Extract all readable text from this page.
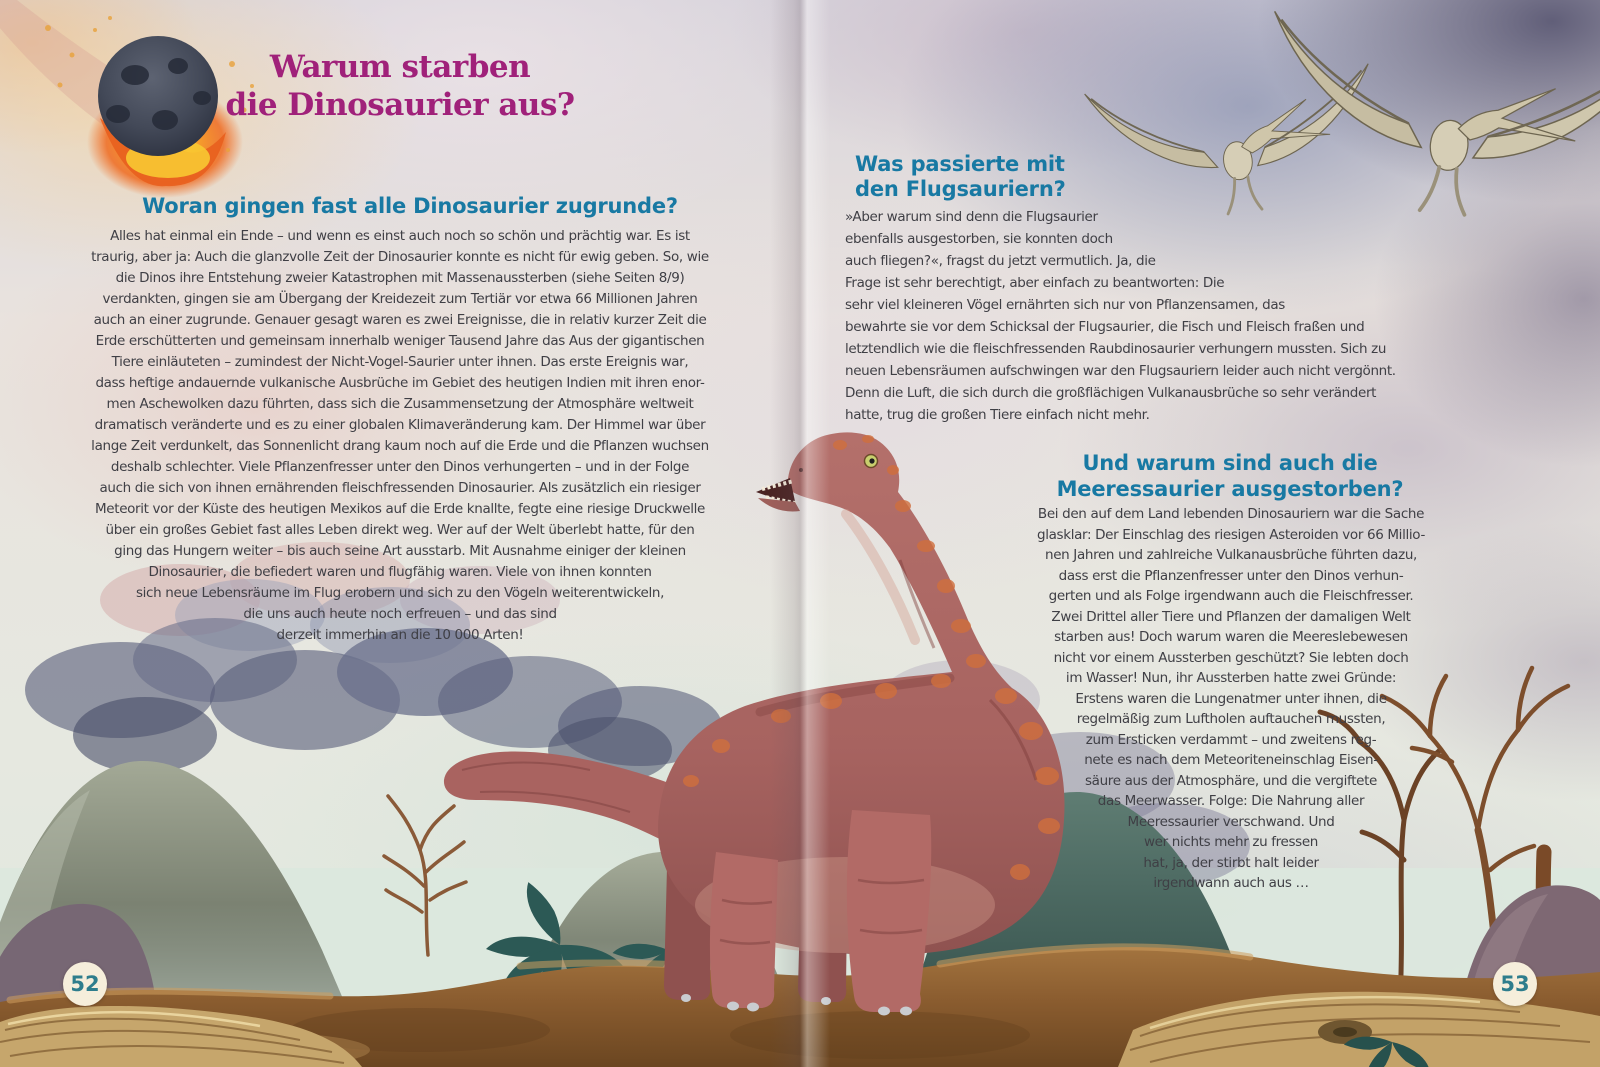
Warum starben
die Dinosaurier aus?
Woran gingen fast alle Dinosaurier zugrunde?
Alles hat einmal ein Ende – und wenn es einst auch noch so schön und prächtig war. Es ist
traurig, aber ja: Auch die glanzvolle Zeit der Dinosaurier konnte es nicht für ewig geben. So, wie
die Dinos ihre Entstehung zweier Katastrophen mit Massenaussterben (siehe Seiten 8/9)
verdankten, gingen sie am Übergang der Kreidezeit zum Tertiär vor etwa 66 Millionen Jahren
auch an einer zugrunde. Genauer gesagt waren es zwei Ereignisse, die in relativ kurzer Zeit die
Erde erschütterten und gemeinsam innerhalb weniger Tausend Jahre das Aus der gigantischen
Tiere einläuteten – zumindest der Nicht-Vogel-Saurier unter ihnen. Das erste Ereignis war,
dass heftige andauernde vulkanische Ausbrüche im Gebiet des heutigen Indien mit ihren enor-
men Aschewolken dazu führten, dass sich die Zusammensetzung der Atmosphäre weltweit
dramatisch veränderte und es zu einer globalen Klimaveränderung kam. Der Himmel war über
lange Zeit verdunkelt, das Sonnenlicht drang kaum noch auf die Erde und die Pflanzen wuchsen
deshalb schlechter. Viele Pflanzenfresser unter den Dinos verhungerten – und in der Folge
auch die sich von ihnen ernährenden fleischfressenden Dinosaurier. Als zusätzlich ein riesiger
Meteorit vor der Küste des heutigen Mexikos auf die Erde knallte, fegte eine riesige Druckwelle
über ein großes Gebiet fast alles Leben direkt weg. Wer auf der Welt überlebt hatte, für den
ging das Hungern weiter – bis auch seine Art ausstarb. Mit Ausnahme einiger der kleinen
Dinosaurier, die befiedert waren und flugfähig waren. Viele von ihnen konnten
sich neue Lebensräume im Flug erobern und sich zu den Vögeln weiterentwickeln,
die uns auch heute noch erfreuen – und das sind
derzeit immerhin an die 10 000 Arten!
Was passierte mit
den Flugsauriern?
»Aber warum sind denn die Flugsaurier
ebenfalls ausgestorben, sie konnten doch
auch fliegen?«, fragst du jetzt vermutlich. Ja, die
Frage ist sehr berechtigt, aber einfach zu beantworten: Die
sehr viel kleineren Vögel ernährten sich nur von Pflanzensamen, das
bewahrte sie vor dem Schicksal der Flugsaurier, die Fisch und Fleisch fraßen und
letztendlich wie die fleischfressenden Raubdinosaurier verhungern mussten. Sich zu
neuen Lebensräumen aufschwingen war den Flugsauriern leider auch nicht vergönnt.
Denn die Luft, die sich durch die großflächigen Vulkanausbrüche so sehr verändert
hatte, trug die großen Tiere einfach nicht mehr.
Und warum sind auch die
Meeressaurier ausgestorben?
Bei den auf dem Land lebenden Dinosauriern war die Sache
glasklar: Der Einschlag des riesigen Asteroiden vor 66 Millio-
nen Jahren und zahlreiche Vulkanausbrüche führten dazu,
dass erst die Pflanzenfresser unter den Dinos verhun-
gerten und als Folge irgendwann auch die Fleischfresser.
Zwei Drittel aller Tiere und Pflanzen der damaligen Welt
starben aus! Doch warum waren die Meereslebewesen
nicht vor einem Aussterben geschützt? Sie lebten doch
im Wasser! Nun, ihr Aussterben hatte zwei Gründe:
Erstens waren die Lungenatmer unter ihnen, die
regelmäßig zum Luftholen auftauchen mussten,
zum Ersticken verdammt – und zweitens reg-
nete es nach dem Meteoriteneinschlag Eisen-
säure aus der Atmosphäre, und die vergiftete
das Meerwasser. Folge: Die Nahrung aller
Meeressaurier verschwand. Und
wer nichts mehr zu fressen
hat, ja, der stirbt halt leider
irgendwann auch aus …
52	53
